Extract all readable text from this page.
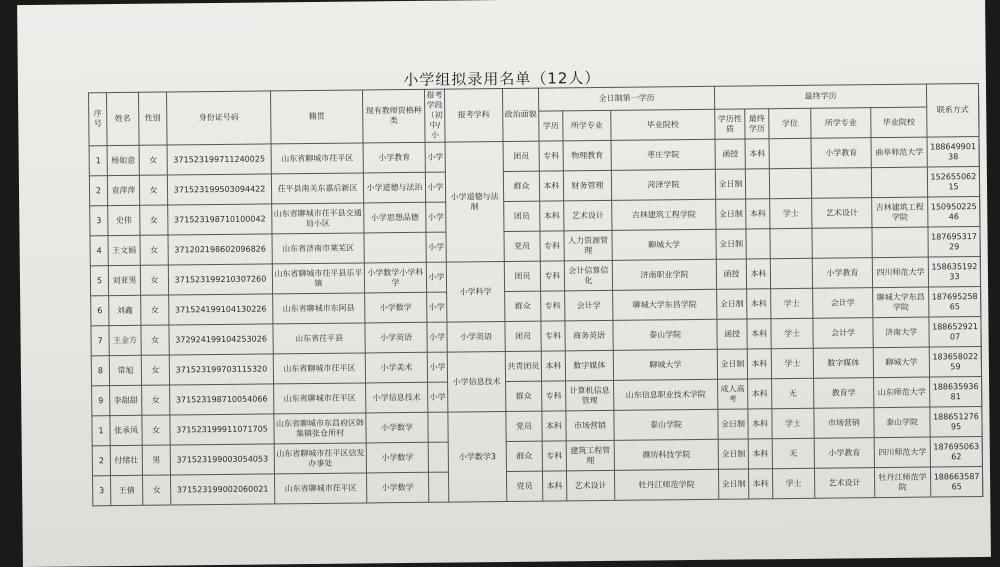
小学组拟录用名单（12人）
序号	姓名	性别	身份证号码	籍贯	现有教师资格种类	报考学段（初中/小	报考学科	政治面貌	全日制第一学历			最终学历					联系方式	
									学历	所学专业	毕业院校	学历性质	最终学历	学位	所学专业	毕业院校		
1	杨如意	女	371523199711240025	山东省聊城市茌平区	小学教育	小学	小学道德与法制	团员	专科	物理教育	枣庄学院	函授	本科		小学教育	曲阜师范大学	18864990138	
2	袁萍萍	女	371523199503094422	茌平县南关东嘉后新区	小学道德与法治	小学		群众	本科	财务管理	菏泽学院	全日制					15265506215	
3	史伟	女	371523198710100042	山东省聊城市茌平县交通局小区	小学思想品德	小学		团员	本科	艺术设计	吉林建筑工程学院	全日制	本科	学士	艺术设计	吉林建筑工程学院	15095022546	
4	王文娟	女	371202198602096826	山东省济南市莱芜区		小学		党员	专科	人力资源管理	聊城大学	全日制					18769531729	
5	刘亚男	女	371523199210307260	山东省聊城市茌平县乐平镇	小学数学小学科学	小学	小学科学	团员	专科	会计信算信化	济南职业学院	函授	本科		小学教育	四川师范大学	15863519233	
6	刘鑫	女	371524199104130226	山东省聊城市东阿县	小学数学	小学		群众	专科	会计学	聊城大学东昌学院	全日制	本科	学士	会计学	聊城大学东昌学院	18769525865	
7	王金方	女	372924199104253026	山东省茌平县	小学英语	小学	小学英语	团员	专科	商务英语	泰山学院	函授	本科	学士	会计学	济南大学	18865292107	
8	常旭	女	371523199703115320	山东省聊城市茌平区	小学美术	小学	小学信息技术	共青团员	本科	数字媒体	聊城大学	全日制	本科	学士	数字媒体	聊城大学	18365802259	
9	李甜甜	女	371523198710054066	山东省聊城市茌平区	小学信息技术	小学		群众	专科	计算机信息管理	山东信息职业技术学院	成人高考	本科	无	教育学	山东师范大学	18863593681	
1	张承凤	女	371523199911071705	山东省聊城市东昌府区韩集镇张仓所村	小学数学		小学数学3	党员	本科	市场营销	泰山学院	全日制	本科	学士	市场营销	泰山学院	18865127695	
2	付绪壮	男	371523199003054053	山东省聊城市茌平区信发办事处	小学数学			群众	专科	建筑工程管理	潍坊科技学院	全日制	本科	无	小学教育	四川师范大学	18769506362	
3	王倩	女	371523199002060021	山东省聊城市茌平区	小学数学			党员	本科	艺术设计	牡丹江师范学院	全日制	本科	学士	艺术设计	牡丹江师范学院	18866358765	
